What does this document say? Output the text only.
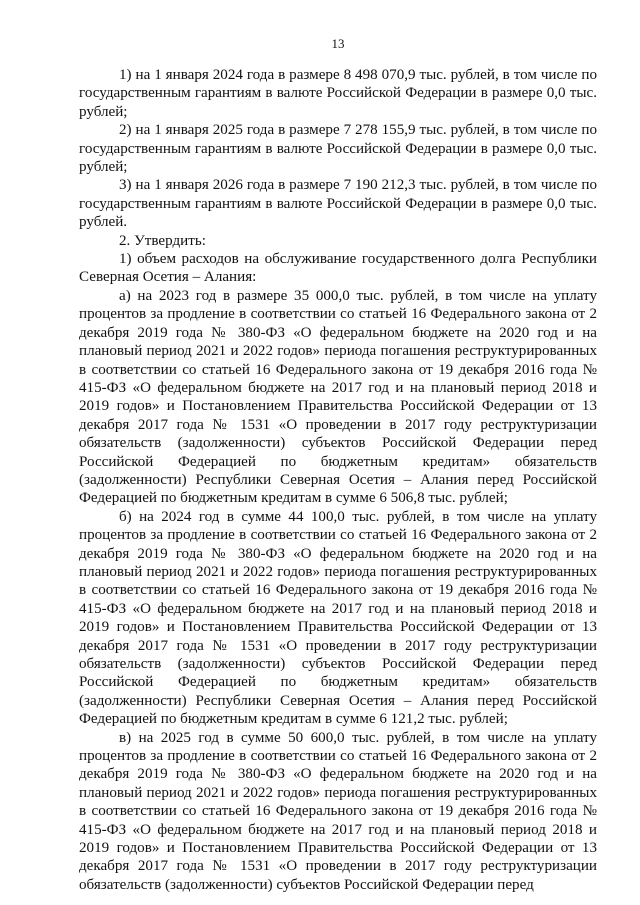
13

1) на 1 января 2024 года в размере 8 498 070,9 тыс. рублей, в том числе по государственным гарантиям в валюте Российской Федерации в размере 0,0 тыс. рублей;

2) на 1 января 2025 года в размере 7 278 155,9 тыс. рублей, в том числе по государственным гарантиям в валюте Российской Федерации в размере 0,0 тыс. рублей;

3) на 1 января 2026 года в размере 7 190 212,3 тыс. рублей, в том числе по государственным гарантиям в валюте Российской Федерации в размере 0,0 тыс. рублей.

2. Утвердить:

1) объем расходов на обслуживание государственного долга Республики Северная Осетия – Алания:

а) на 2023 год в размере 35 000,0 тыс. рублей, в том числе на уплату процентов за продление в соответствии со статьей 16 Федерального закона от 2 декабря 2019 года № 380-ФЗ «О федеральном бюджете на 2020 год и на плановый период 2021 и 2022 годов» периода погашения реструктурированных в соответствии со статьей 16 Федерального закона от 19 декабря 2016 года № 415-ФЗ «О федеральном бюджете на 2017 год и на плановый период 2018 и 2019 годов» и Постановлением Правительства Российской Федерации от 13 декабря 2017 года № 1531 «О проведении в 2017 году реструктуризации обязательств (задолженности) субъектов Российской Федерации перед Российской Федерацией по бюджетным кредитам» обязательств (задолженности) Республики Северная Осетия – Алания перед Российской Федерацией по бюджетным кредитам в сумме 6 506,8 тыс. рублей;

б) на 2024 год в сумме 44 100,0 тыс. рублей, в том числе на уплату процентов за продление в соответствии со статьей 16 Федерального закона от 2 декабря 2019 года № 380-ФЗ «О федеральном бюджете на 2020 год и на плановый период 2021 и 2022 годов» периода погашения реструктурированных в соответствии со статьей 16 Федерального закона от 19 декабря 2016 года № 415-ФЗ «О федеральном бюджете на 2017 год и на плановый период 2018 и 2019 годов» и Постановлением Правительства Российской Федерации от 13 декабря 2017 года № 1531 «О проведении в 2017 году реструктуризации обязательств (задолженности) субъектов Российской Федерации перед Российской Федерацией по бюджетным кредитам» обязательств (задолженности) Республики Северная Осетия – Алания перед Российской Федерацией по бюджетным кредитам в сумме 6 121,2 тыс. рублей;

в) на 2025 год в сумме 50 600,0 тыс. рублей, в том числе на уплату процентов за продление в соответствии со статьей 16 Федерального закона от 2 декабря 2019 года № 380-ФЗ «О федеральном бюджете на 2020 год и на плановый период 2021 и 2022 годов» периода погашения реструктурированных в соответствии со статьей 16 Федерального закона от 19 декабря 2016 года № 415-ФЗ «О федеральном бюджете на 2017 год и на плановый период 2018 и 2019 годов» и Постановлением Правительства Российской Федерации от 13 декабря 2017 года № 1531 «О проведении в 2017 году реструктуризации обязательств (задолженности) субъектов Российской Федерации перед
